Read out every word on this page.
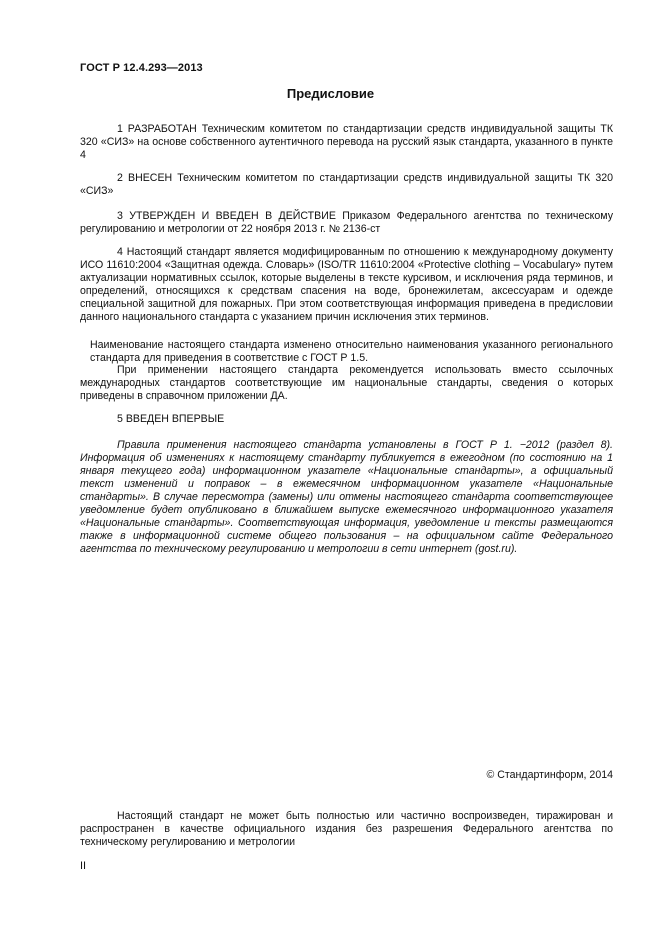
ГОСТ Р 12.4.293—2013
Предисловие
1 РАЗРАБОТАН Техническим комитетом по стандартизации средств индивидуальной защиты ТК 320 «СИЗ» на основе собственного аутентичного перевода на русский язык стандарта, указанного в пункте 4
2 ВНЕСЕН Техническим комитетом по стандартизации средств индивидуальной защиты ТК 320 «СИЗ»
3 УТВЕРЖДЕН И ВВЕДЕН В ДЕЙСТВИЕ Приказом Федерального агентства по техническому регулированию и метрологии от 22 ноября 2013 г. № 2136-ст
4 Настоящий стандарт является модифицированным по отношению к международному документу ИСО 11610:2004 «Защитная одежда. Словарь» (ISO/TR 11610:2004 «Protective clothing – Vocabulary» путем актуализации нормативных ссылок, которые выделены в тексте курсивом, и исключения ряда терминов, и определений, относящихся к средствам спасения на воде, бронежилетам, аксессуарам и одежде специальной защитной для пожарных. При этом соответствующая информация приведена в предисловии данного национального стандарта с указанием причин исключения этих терминов.
Наименование настоящего стандарта изменено относительно наименования указанного регионального стандарта для приведения в соответствие с ГОСТ Р 1.5.
При применении настоящего стандарта рекомендуется использовать вместо ссылочных международных стандартов соответствующие им национальные стандарты, сведения о которых приведены в справочном приложении ДА.
5 ВВЕДЕН ВПЕРВЫЕ
Правила применения настоящего стандарта установлены в ГОСТ Р 1. −2012 (раздел 8). Информация об изменениях к настоящему стандарту публикуется в ежегодном (по состоянию на 1 января текущего года) информационном указателе «Национальные стандарты», а официальный текст изменений и поправок – в ежемесячном информационном указателе «Национальные стандарты». В случае пересмотра (замены) или отмены настоящего стандарта соответствующее уведомление будет опубликовано в ближайшем выпуске ежемесячного информационного указателя «Национальные стандарты». Соответствующая информация, уведомление и тексты размещаются также в информационной системе общего пользования – на официальном сайте Федерального агентства по техническому регулированию и метрологии в сети интернет (gost.ru).
© Стандартинформ, 2014
Настоящий стандарт не может быть полностью или частично воспроизведен, тиражирован и распространен в качестве официального издания без разрешения Федерального агентства по техническому регулированию и метрологии
II
